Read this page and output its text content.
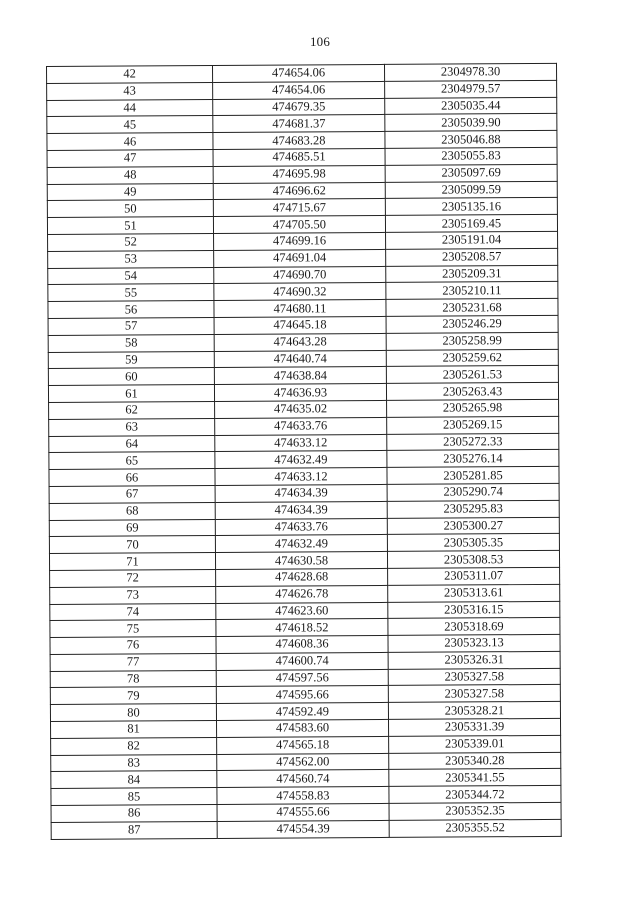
106
42	474654.06	2304978.30
43	474654.06	2304979.57
44	474679.35	2305035.44
45	474681.37	2305039.90
46	474683.28	2305046.88
47	474685.51	2305055.83
48	474695.98	2305097.69
49	474696.62	2305099.59
50	474715.67	2305135.16
51	474705.50	2305169.45
52	474699.16	2305191.04
53	474691.04	2305208.57
54	474690.70	2305209.31
55	474690.32	2305210.11
56	474680.11	2305231.68
57	474645.18	2305246.29
58	474643.28	2305258.99
59	474640.74	2305259.62
60	474638.84	2305261.53
61	474636.93	2305263.43
62	474635.02	2305265.98
63	474633.76	2305269.15
64	474633.12	2305272.33
65	474632.49	2305276.14
66	474633.12	2305281.85
67	474634.39	2305290.74
68	474634.39	2305295.83
69	474633.76	2305300.27
70	474632.49	2305305.35
71	474630.58	2305308.53
72	474628.68	2305311.07
73	474626.78	2305313.61
74	474623.60	2305316.15
75	474618.52	2305318.69
76	474608.36	2305323.13
77	474600.74	2305326.31
78	474597.56	2305327.58
79	474595.66	2305327.58
80	474592.49	2305328.21
81	474583.60	2305331.39
82	474565.18	2305339.01
83	474562.00	2305340.28
84	474560.74	2305341.55
85	474558.83	2305344.72
86	474555.66	2305352.35
87	474554.39	2305355.52
